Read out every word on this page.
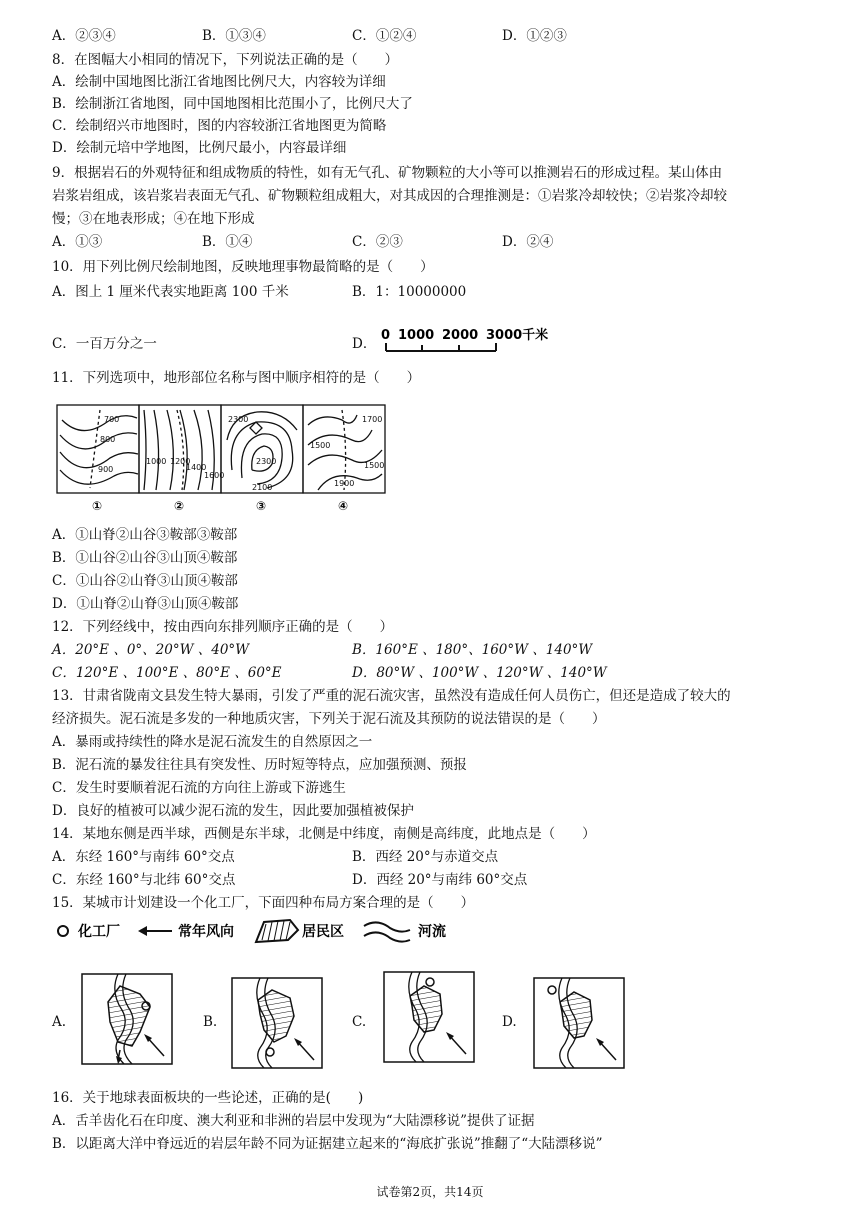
A．②③④	B．①③④	C．①②④	D．①②③
8．在图幅大小相同的情况下，下列说法正确的是（　　）
A．绘制中国地图比浙江省地图比例尺大，内容较为详细
B．绘制浙江省地图，同中国地图相比范围小了，比例尺大了
C．绘制绍兴市地图时，图的内容较浙江省地图更为简略
D．绘制元培中学地图，比例尺最小，内容最详细
9．根据岩石的外观特征和组成物质的特性，如有无气孔、矿物颗粒的大小等可以推测岩石的形成过程。某山体由
岩浆岩组成，该岩浆岩表面无气孔、矿物颗粒组成粗大，对其成因的合理推测是：①岩浆冷却较快；②岩浆冷却较
慢；③在地表形成；④在地下形成
A．①③	B．①④	C．②③	D．②④
10．用下列比例尺绘制地图，反映地理事物最简略的是（　　）
A．图上 1 厘米代表实地距离 100 千米	B．1：10000000
C．一百万分之一	D．
0 1000 2000 3000千米
11．下列选项中，地形部位名称与图中顺序相符的是（　　）
700
800
900
1000 1200
1400
1600
2300
2300
2100
1500
1700
1900
1500
①	②	③	④
A．①山脊②山谷③鞍部③鞍部
B．①山谷②山谷③山顶④鞍部
C．①山谷②山脊③山顶④鞍部
D．①山脊②山脊③山顶④鞍部
12．下列经线中，按由西向东排列顺序正确的是（　　）
A．20°E 、0°、20°W 、40°W	B．160°E 、180°、160°W 、140°W
C．120°E 、100°E 、80°E 、60°E	D．80°W 、100°W 、120°W 、140°W
13．甘肃省陇南文县发生特大暴雨，引发了严重的泥石流灾害，虽然没有造成任何人员伤亡，但还是造成了较大的
经济损失。泥石流是多发的一种地质灾害，下列关于泥石流及其预防的说法错误的是（　　）
A．暴雨或持续性的降水是泥石流发生的自然原因之一
B．泥石流的暴发往往具有突发性、历时短等特点，应加强预测、预报
C．发生时要顺着泥石流的方向往上游或下游逃生
D．良好的植被可以减少泥石流的发生，因此要加强植被保护
14．某地东侧是西半球，西侧是东半球，北侧是中纬度，南侧是高纬度，此地点是（　　）
A．东经 160°与南纬 60°交点	B．西经 20°与赤道交点
C．东经 160°与北纬 60°交点	D．西经 20°与南纬 60°交点
15．某城市计划建设一个化工厂，下面四种布局方案合理的是（　　）
化工厂	常年风向	居民区	河流
A.	B.	C.	D.
16．关于地球表面板块的一些论述，正确的是(　　)
A．舌羊齿化石在印度、澳大利亚和非洲的岩层中发现为“大陆漂移说”提供了证据
B．以距离大洋中脊远近的岩层年龄不同为证据建立起来的“海底扩张说”推翻了“大陆漂移说”
试卷第2页，共14页
